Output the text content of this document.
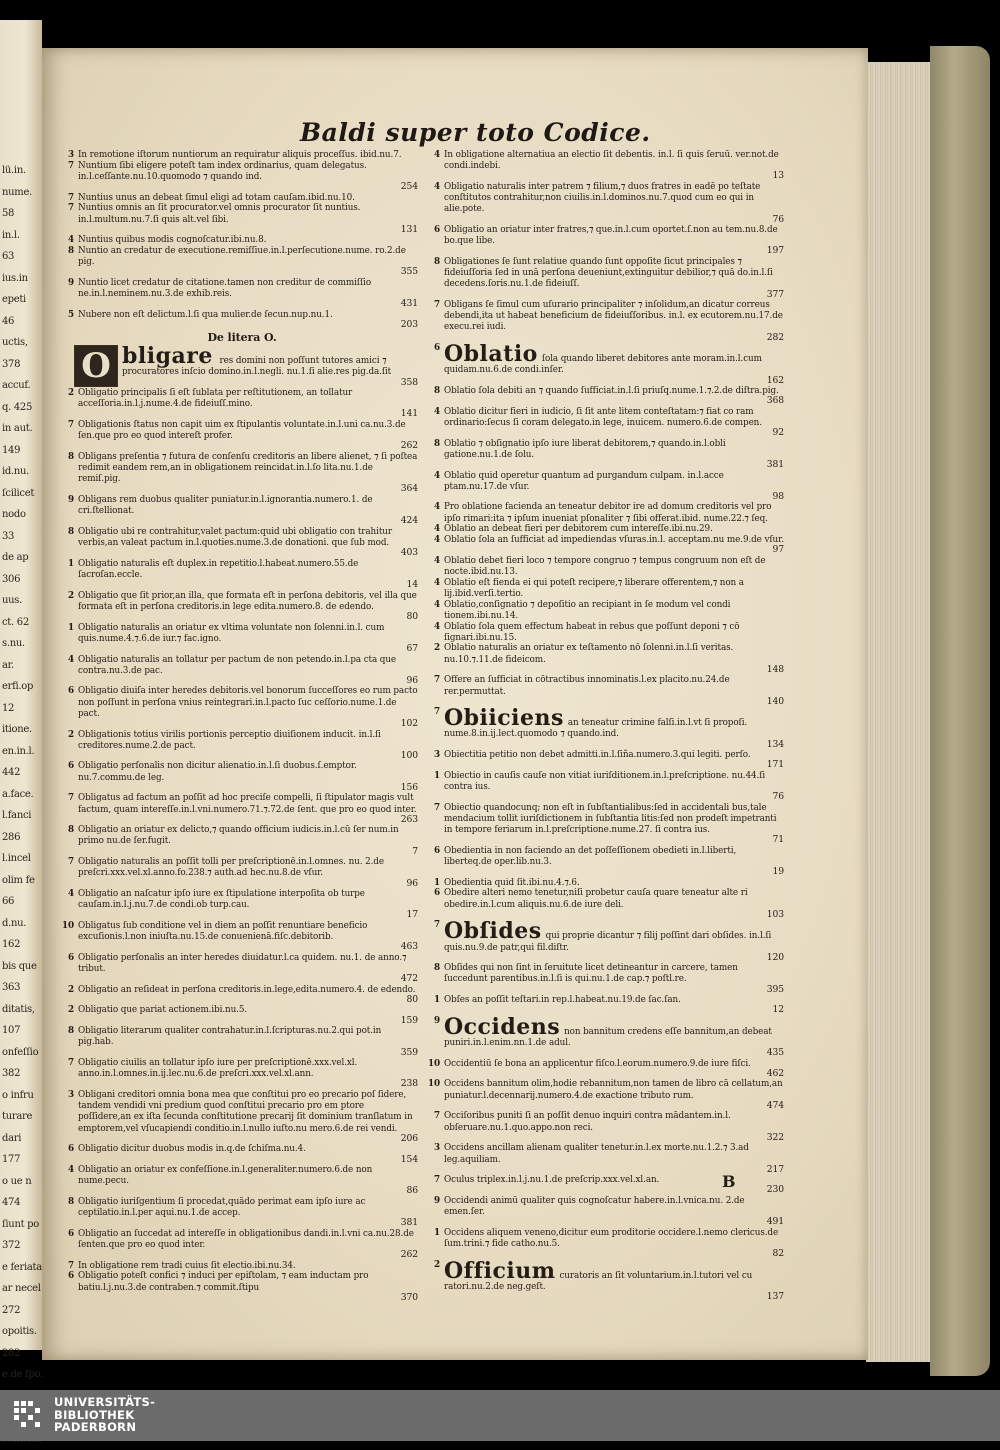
lü.in.
nume.
58
in.l.
63
ius.in
epeti
46
uctis,
378
accuf.
q. 425
in aut.
149
id.nu.
ſcilicet
nodo
33
de ap
306
uus.
ct. 62
s.nu.
ar.
erfi.op
12
itione.
en.in.l.
442
a.face.
l.fanci
286
l.incel
olim fe
66
d.nu.
162
bis que
363
ditatis,
107
onfeſſio
382
o infru
turare
dari
177
o ue n
474
ſiunt po
372
e feriata
ar necel
272
opoitis.
282
e.de ſpo.
Baldi super toto Codice.
3 In remotione iſtorum nuntiorum an requiratur aliquis proceſſus. ibid.nu.7.
7 Nuntium ſibi eligere poteſt tam index ordinarius, quam delegatus. in.l.ceſſante.nu.10.quomodo ⁊ quando ind.
254
7 Nuntius unus an debeat ſimul eligi ad totam cauſam.ibid.nu.10.
7 Nuntius omnis an ſit procurator.vel omnis procurator ſit nuntius. in.l.multum.nu.7.ſi quis alt.vel ſibi.
131
4 Nuntius quibus modis cognoſcatur.ibi.nu.8.
8 Nuntio an credatur de executione.remiſſiue.in.l.perſecutione.nume. ro.2.de pig.
355
9 Nuntio licet credatur de citatione.tamen non creditur de commiſſio ne.in.l.neminem.nu.3.de exhib.reis.
431
5 Nubere non eſt delictum.l.ſi qua mulier.de ſecun.nup.nu.1.
203
De litera O.
O bligare res domini non poſſunt tutores amici ⁊ procuratores inſcio domino.in.l.negli. nu.1.ſi alie.res pig.da.ſit
358
2 Obligatio principalis ſi eſt ſublata per reſtitutionem, an tollatur acceſſoria.in.l.j.nume.4.de fideiuſſ.mino.
141
7 Obligationis ſtatus non capit uim ex ſtipulantis voluntate.in.l.uni ca.nu.3.de ſen.que pro eo quod intereſt profer.
262
8 Obligans preſentia ⁊ futura de conſenſu creditoris an libere alienet, ⁊ ſi poſtea redimit eandem rem,an in obligationem reincidat.in.l.ſo lita.nu.1.de remiſ.pig.
364
9 Obligans rem duobus qualiter puniatur.in.l.ignorantia.numero.1. de cri.ſtellionat.
424
8 Obligatio ubi re contrahitur,valet pactum:quid ubi obligatio con trahitur verbis,an valeat pactum in.l.quoties.nume.3.de donationi. que ſub mod.
403
1 Obligatio naturalis eſt duplex.in repetitio.l.habeat.numero.55.de ſacroſan.eccle.
14
2 Obligatio que ſit prior,an illa, que formata eſt in perſona debitoris, vel illa que formata eſt in perſona creditoris.in lege edita.numero.8. de edendo.
80
1 Obligatio naturalis an oriatur ex vltima voluntate non ſolenni.in.l. cum quis.nume.4.⁊.6.de iur.⁊ fac.igno.
67
4 Obligatio naturalis an tollatur per pactum de non petendo.in.l.pa cta que contra.nu.3.de pac.
96
6 Obligatio diuiſa inter heredes debitoris.vel bonorum ſucceſſores eo rum pacto non poſſunt in perſona vnius reintegrari.in.l.pacto ſuc ceſſorio.nume.1.de pact.
102
2 Obligationis totius virilis portionis perceptio diuiſionem inducit. in.l.ſi creditores.nume.2.de pact.
100
6 Obligatio perſonalis non dicitur alienatio.in.l.ſi duobus.ſ.emptor. nu.7.commu.de leg.
156
7 Obligatus ad factum an poſſit ad hoc preciſe compelli, ſi ſtipulator magis vult factum, quam intereſſe.in.l.vni.numero.71.⁊.72.de ſent. que pro eo quod inter.
263
8 Obligatio an oriatur ex delicto,⁊ quando officium iudicis.in.l.cū ſer num.in primo nu.de ſer.fugit.
7
7 Obligatio naturalis an poſſit tolli per preſcriptionē.in.l.omnes. nu. 2.de preſcri.xxx.vel.xl.anno.fo.238.⁊ auth.ad hec.nu.8.de vſur.
96
4 Obligatio an naſcatur ipſo iure ex ſtipulatione interpoſita ob turpe cauſam.in.l.j.nu.7.de condi.ob turp.cau.
17
10 Obligatus ſub conditione vel in diem an poſſit renuntiare beneficio excuſionis.l.non iniuſta.nu.15.de conuenienā.fiſc.debitorib.
463
6 Obligatio perſonalis an inter heredes diuidatur.l.ca quidem. nu.1. de anno.⁊ tribut.
472
2 Obligatio an reſideat in perſona creditoris.in.lege,edita.numero.4. de edendo.
80
2 Obligatio que pariat actionem.ibi.nu.5.
159
8 Obligatio literarum qualiter contrahatur.in.l.ſcripturas.nu.2.qui pot.in pig.hab.
359
7 Obligatio ciuilis an tollatur ipſo iure per preſcriptionē.xxx.vel.xl. anno.in.l.omnes.in.ij.lec.nu.6.de preſcri.xxx.vel.xl.ann.
238
3 Obligani creditori omnia bona mea que conſtitui pro eo precario poſ ſidere, tandem vendidi vni predium quod conſtitui precario pro em ptore poſſidere,an ex iſta ſecunda conſtitutione precarij ſit dominium tranſlatum in emptorem,vel vſucapiendi conditio.in.l.nullo iuſto.nu mero.6.de rei vendi.
206
6 Obligatio dicitur duobus modis in.q.de ſchiſma.nu.4.
154
4 Obligatio an oriatur ex confeſſione.in.l.generaliter.numero.6.de non nume.pecu.
86
8 Obligatio iuriſgentium ſi procedat,quādo perimat eam ipſo iure ac ceptilatio.in.l.per aqui.nu.1.de accep.
381
6 Obligatio an ſuccedat ad intereſſe in obligationibus dandi.in.l.vni ca.nu.28.de ſenten.que pro eo quod inter.
262
7 In obligatione rem tradi cuius ſit electio.ibi.nu.34.
6 Obligatio poteſt confici ⁊ induci per epiſtolam, ⁊ eam inductam pro batiu.l.j.nu.3.de contraben.⁊ commit.ſtipu
370
4 In obligatione alternatiua an electio ſit debentis. in.l. ſi quis ſeruū. ver.not.de condi.indebi.
13
4 Obligatio naturalis inter patrem ⁊ filium,⁊ duos fratres in eadē po teſtate conſtitutos contrahitur,non ciuilis.in.l.dominos.nu.7.quod cum eo qui in alie.pote.
76
6 Obligatio an oriatur inter fratres,⁊ que.in.l.cum oportet.ſ.non au tem.nu.8.de bo.que libe.
197
8 Obligationes ſe ſunt relatiue quando ſunt oppoſite ſicut principales ⁊ fideiuſſoria ſed in unā perſona deueniunt,extinguitur debilior,⁊ quā do.in.l.ſi decedens.ſoris.nu.1.de fideiuſſ.
377
7 Obligans ſe ſimul cum uſurario principaliter ⁊ inſolidum,an dicatur correus debendi,ita ut habeat beneficium de fideiuſſoribus. in.l. ex ecutorem.nu.17.de execu.rei iudi.
282
6 Oblatio ſola quando liberet debitores ante moram.in.l.cum quidam.nu.6.de condi.inſer.
162
8 Oblatio ſola debiti an ⁊ quando ſufficiat.in.l.ſi priuſq.nume.1.⁊.2.de diſtra.pig.
368
4 Oblatio dicitur fieri in iudicio, ſi ſit ante litem conteſtatam:⁊ fiat co ram ordinario:ſecus ſi coram delegato.in lege, inuicem. numero.6.de compen.
92
8 Oblatio ⁊ obſignatio ipſo iure liberat debitorem,⁊ quando.in.l.obli gatione.nu.1.de ſolu.
381
4 Oblatio quid operetur quantum ad purgandum culpam. in.l.acce ptam.nu.17.de vſur.
98
4 Pro oblatione facienda an teneatur debitor ire ad domum creditoris vel pro ipſo rimari:ita ⁊ ipſum inueniat pſonaliter ⁊ ſibi offerat.ibid. nume.22.⁊ ſeq.
4 Oblatio an debeat fieri per debitorem cum intereſſe.ibi.nu.29.
4 Oblatio ſola an ſufficiat ad impediendas vſuras.in.l. acceptam.nu me.9.de vſur.
97
4 Oblatio debet fieri loco ⁊ tempore congruo ⁊ tempus congruum non eſt de nocte.ibid.nu.13.
4 Oblatio eſt fienda ei qui poteſt recipere,⁊ liberare offerentem,⁊ non a lij.ibid.verſi.tertio.
4 Oblatio,conſignatio ⁊ depoſitio an recipiant in ſe modum vel condi tionem.ibi.nu.14.
4 Oblatio ſola quem effectum habeat in rebus que poſſunt deponi ⁊ cō ſignari.ibi.nu.15.
2 Oblatio naturalis an oriatur ex teſtamento nō ſolenni.in.l.ſi veritas. nu.10.⁊.11.de fideicom.
148
7 Offere an ſufficiat in cōtractibus innominatis.l.ex placito.nu.24.de rer.permuttat.
140
7 Obiiciens an teneatur crimine falſi.in.l.vt ſi propoſi. nume.8.in.ij.lect.quomodo ⁊ quando.ind.
134
3 Obiectitia petitio non debet admitti.in.l.ſiña.numero.3.qui legiti. perſo.
171
1 Obiectio in cauſis cauſe non vitiat iuriſditionem.in.l.preſcriptione. nu.44.ſi contra ius.
76
7 Obiectio quandocunq; non eſt in ſubſtantialibus:ſed in accidentali bus,tale mendacium tollit iuriſdictionem in ſubſtantia litis:ſed non prodeſt impetranti in tempore feriarum in.l.preſcriptione.nume.27. ſi contra ius.
71
6 Obedientia in non faciendo an det poſſeſſionem obedieti in.l.liberti, liberteq.de oper.lib.nu.3.
19
1 Obedientia quid ſit.ibi.nu.4.⁊.6.
6 Obedire alteri nemo tenetur,niſi probetur cauſa quare teneatur alte ri obedire.in.l.cum aliquis.nu.6.de iure deli.
103
7 Obſides qui proprie dicantur ⁊ filij poſſint dari obſides. in.l.ſi quis.nu.9.de patr,qui fil.diſtr.
120
8 Obſides qui non ſint in ſeruitute licet detineantur in carcere, tamen ſuccedunt parentibus.in.l.ſi is qui.nu.1.de cap.⁊ poſtl.re.
395
1 Obſes an poſſit teſtari.in rep.l.habeat.nu.19.de ſac.ſan.
12
9 Occidens non bannitum credens eſſe bannitum,an debeat puniri.in.l.enim.nn.1.de adul.
435
10 Occidentiū ſe bona an applicentur fiſco.l.eorum.numero.9.de iure fiſci.
462
10 Occidens bannitum olim,hodie rebannitum,non tamen de libro cā cellatum,an puniatur.l.decennarij.numero.4.de exactione tributo rum.
474
7 Occiſoribus puniti ſi an poſſit denuo inquiri contra mādantem.in.l. obſeruare.nu.1.quo.appo.non reci.
322
3 Occidens ancillam alienam qualiter tenetur.in.l.ex morte.nu.1.2.⁊ 3.ad leg.aquiliam.
217
7 Oculus triplex.in.l.j.nu.1.de preſcrip.xxx.vel.xl.an.
230
9 Occidendi animū qualiter quis cognoſcatur habere.in.l.vnica.nu. 2.de emen.ſer.
491
1 Occidens aliquem veneno,dicitur eum proditorie occidere.l.nemo clericus.de ſum.trini.⁊ fide catho.nu.5.
82
2 Officium curatoris an ſit voluntarium.in.l.tutori vel cu ratori.nu.2.de neg.geſt.
137
B
UNIVERSITÄTS-
BIBLIOTHEK
PADERBORN
